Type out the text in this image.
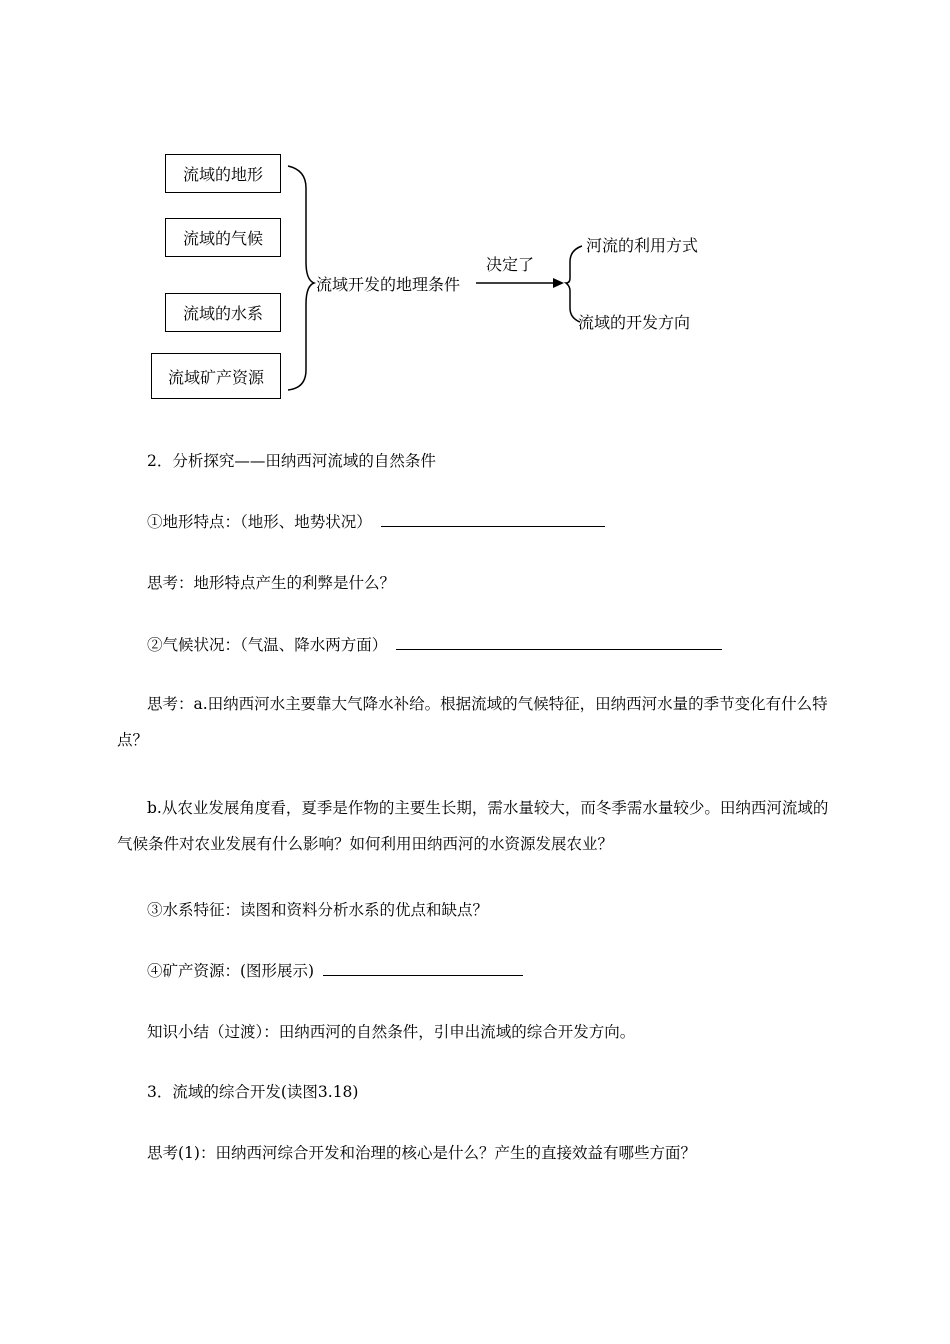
流域的地形
流域的气候
流域的水系
流域矿产资源
流域开发的地理条件
决定了
河流的利用方式
流域的开发方向
2．分析探究——田纳西河流域的自然条件
①地形特点：（地形、地势状况）
思考：地形特点产生的利弊是什么？
②气候状况：（气温、降水两方面）
思考：a.田纳西河水主要靠大气降水补给。根据流域的气候特征，田纳西河水量的季节变化有什么特点？
b.从农业发展角度看，夏季是作物的主要生长期，需水量较大，而冬季需水量较少。田纳西河流域的气候条件对农业发展有什么影响？如何利用田纳西河的水资源发展农业？
③水系特征：读图和资料分析水系的优点和缺点？
④矿产资源：(图形展示)
知识小结（过渡）：田纳西河的自然条件，引申出流域的综合开发方向。
3．流域的综合开发(读图3.18)
思考(1)：田纳西河综合开发和治理的核心是什么？产生的直接效益有哪些方面？
